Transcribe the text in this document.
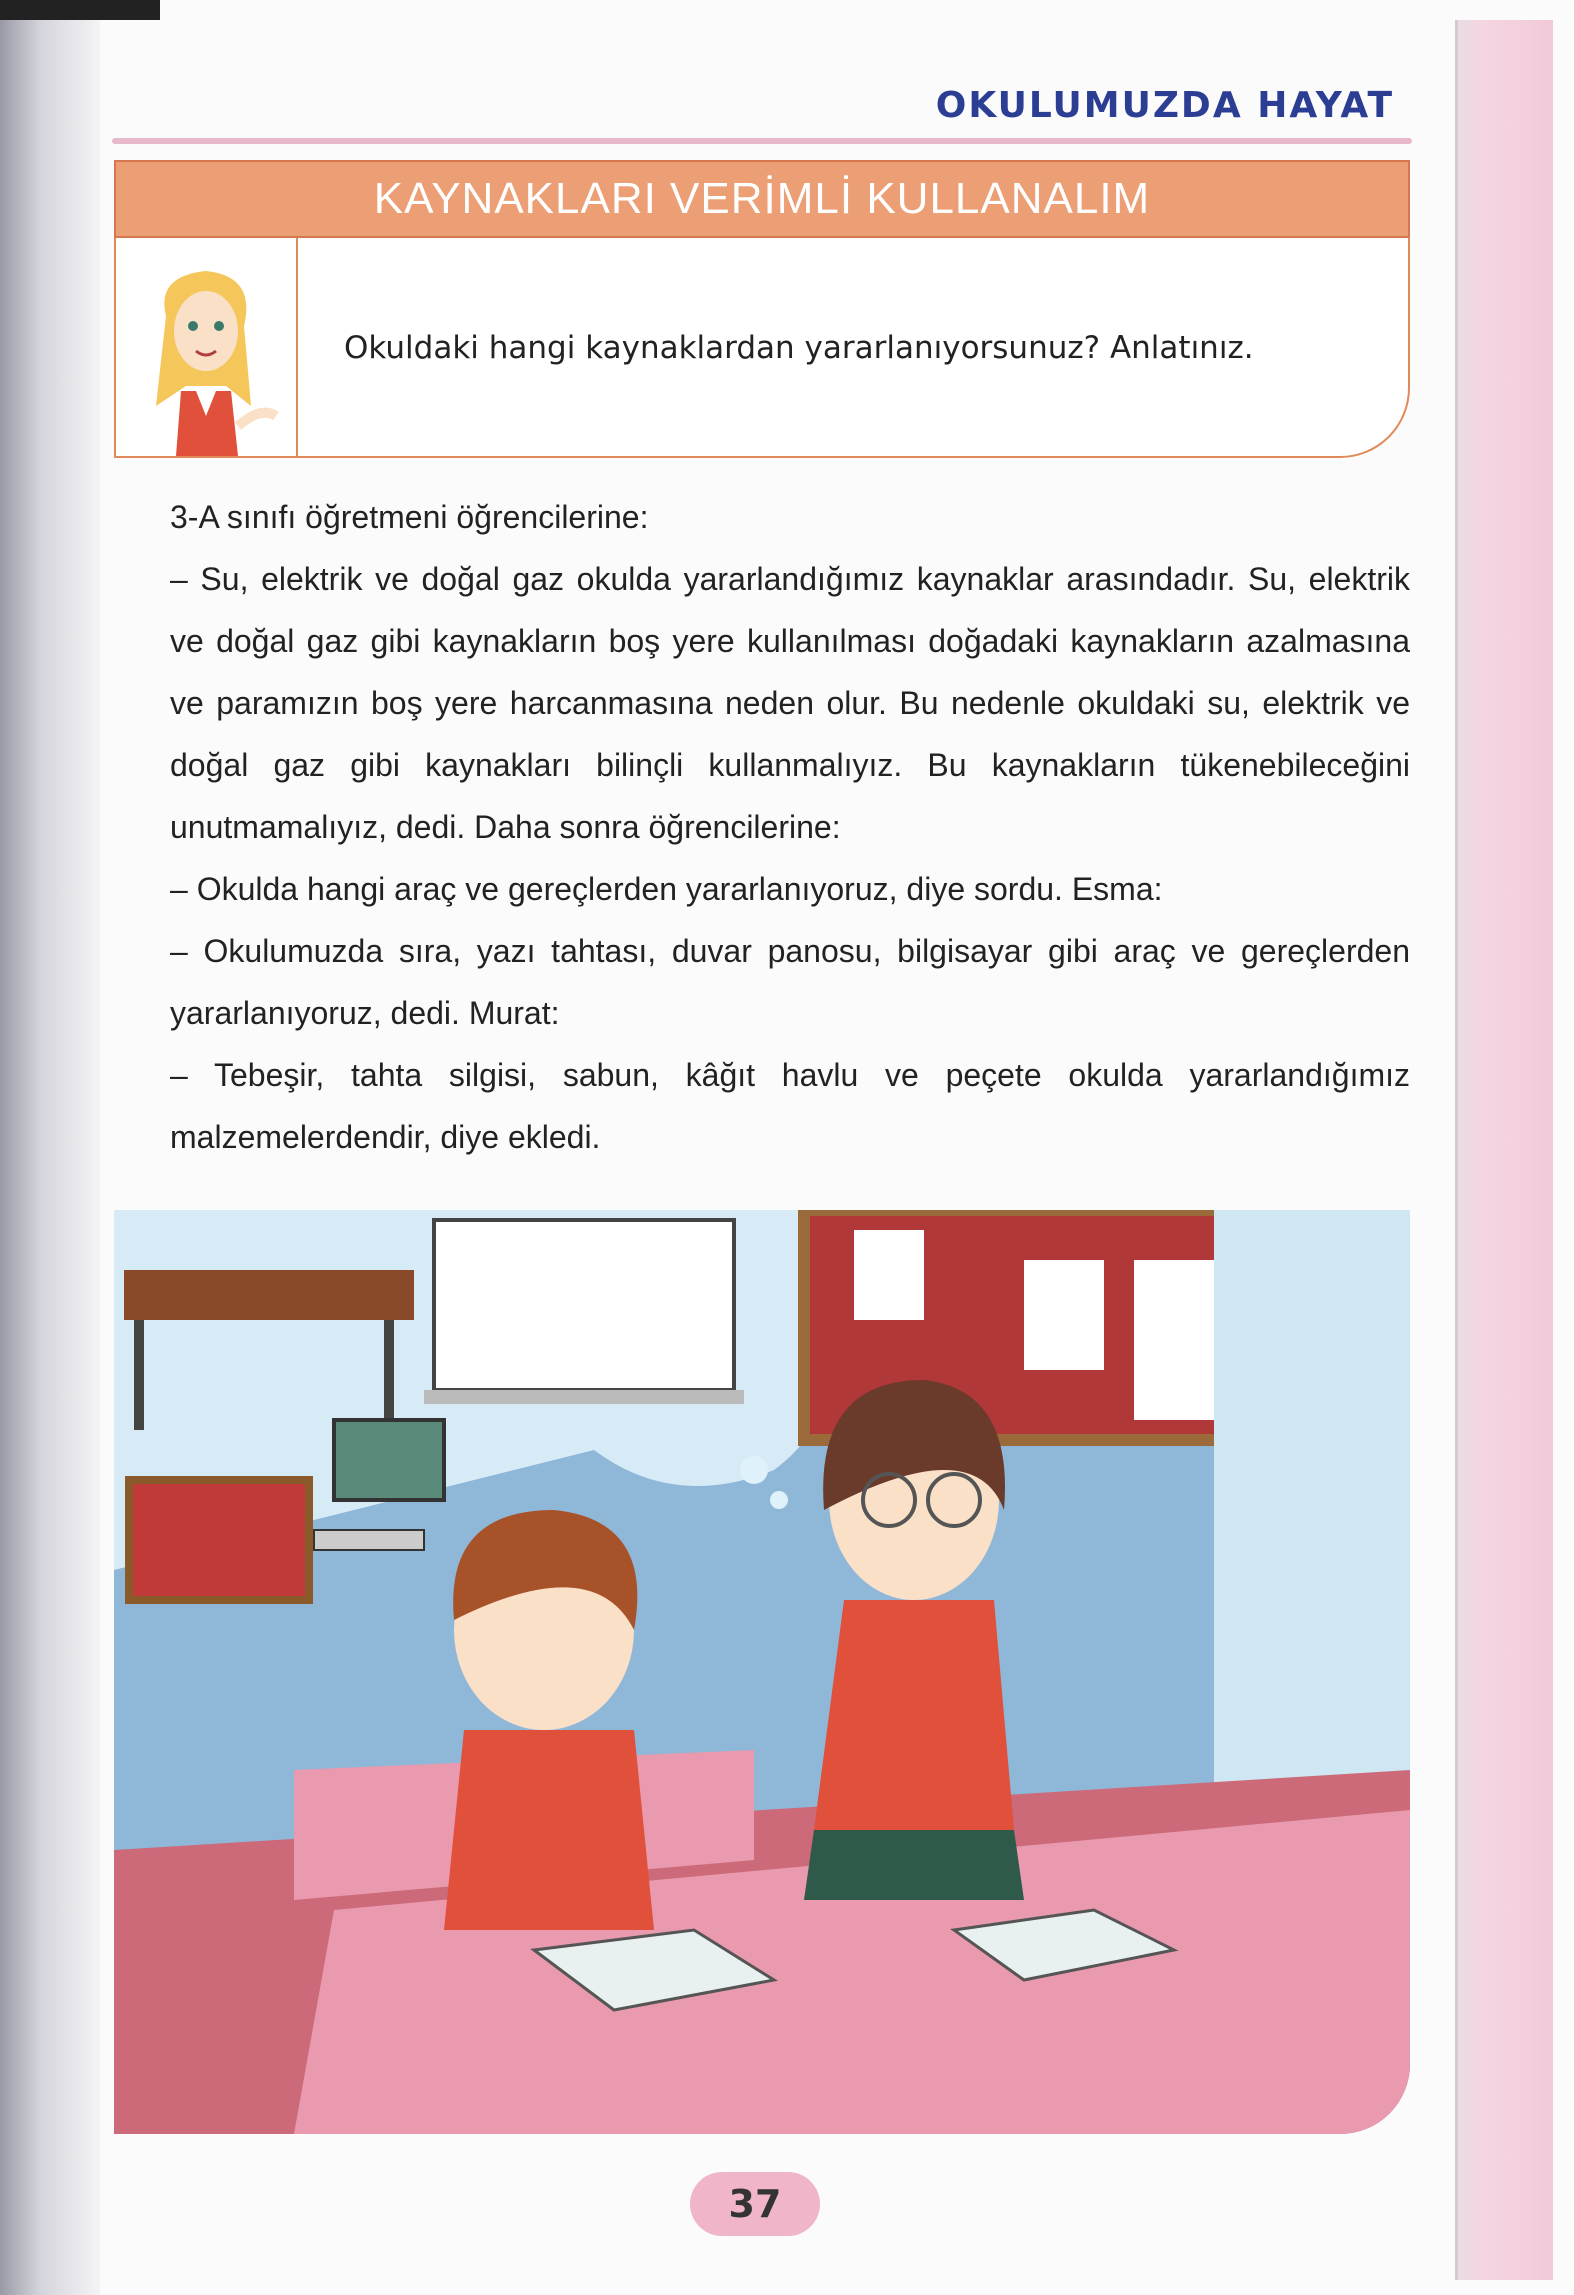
OKULUMUZDA HAYAT
KAYNAKLARI VERİMLİ KULLANALIM
Okuldaki hangi kaynaklardan yararlanıyorsunuz? Anlatınız.

3-A sınıfı öğretmeni öğrencilerine:

– Su, elektrik ve doğal gaz okulda yararlandığımız kaynaklar arasındadır. Su, elektrik ve doğal gaz gibi kaynakların boş yere kullanılması doğadaki kaynakların azalmasına ve paramızın boş yere harcanmasına neden olur. Bu nedenle okuldaki su, elektrik ve doğal gaz gibi kaynakları bilinçli kullanmalıyız. Bu kaynakların tükenebileceğini unutmamalıyız, dedi. Daha sonra öğrencilerine:

– Okulda hangi araç ve gereçlerden yararlanıyoruz, diye sordu. Esma:

– Okulumuzda sıra, yazı tahtası, duvar panosu, bilgisayar gibi araç ve gereçlerden yararlanıyoruz, dedi. Murat:

– Tebeşir, tahta silgisi, sabun, kâğıt havlu ve peçete okulda yararlandığımız malzemelerdendir, diye ekledi.

37
